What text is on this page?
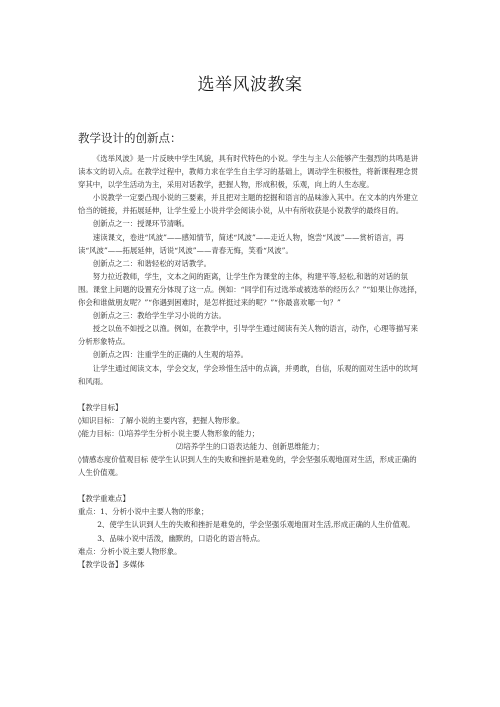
选举风波教案
教学设计的创新点：

《选举风波》是一片反映中学生风貌，具有时代特色的小说。学生与主人公能够产生强烈的共鸣是讲读本文的切入点。在教学过程中，教师力求在学生自主学习的基础上，调动学生积极性，将新课程理念贯穿其中，以学生活动为主，采用对话教学，把握人物，形成积极，乐观，向上的人生态度。

小说教学一定要凸现小说的三要素，并且把对主题的挖掘和语言的品味渗入其中。在文本的内外建立恰当的链接，并拓展延伸，让学生爱上小说并学会阅读小说，从中有所收获是小说教学的最终目的。

创新点之一：授课环节清晰。

速读课文，卷进“风波”——感知情节，简述“风波”——走近人物，饱尝“风波”——赏析语言，再读“风波”——拓展延伸，话说“风波”——青春无悔，笑看“风波”。

创新点之二：和谐轻松的对话教学。

努力拉近教师，学生，文本之间的距离，让学生作为课堂的主体，构建平等,轻松,和谐的对话的氛围。课堂上问题的设置充分体现了这一点。例如：“同学们有过选举或被选举的经历么？”“如果让你选择，你会和谁做朋友呢？”“你遇到困难时，是怎样挺过来的呢？”“你最喜欢哪一句？”

创新点之三：教给学生学习小说的方法。

授之以鱼不如授之以渔。例如，在教学中，引导学生通过阅读有关人物的语言，动作，心理等描写来分析形象特点。

创新点之四：注重学生的正确的人生观的培养。

让学生通过阅读文本，学会交友，学会珍惜生活中的点滴，并勇敢，自信，乐观的面对生活中的坎坷和风雨。

【教学目标】

◊知识目标：了解小说的主要内容，把握人物形象。

◊能力目标：⑴培养学生分析小说主要人物形象的能力；

⑵培养学生的口语表达能力、创新思维能力；

◊情感态度价值观目标 使学生认识到人生的失败和挫折是难免的，学会坚强乐观地面对生活，形成正确的人生价值观。

【教学重难点】

重点：1、分析小说中主要人物的形象；

2、使学生认识到人生的失败和挫折是难免的，学会坚强乐观地面对生活,形成正确的人生价值观。

3、品味小说中活泼，幽默的，口语化的语言特点。

难点：分析小说主要人物形象。

【教学设备】多媒体
